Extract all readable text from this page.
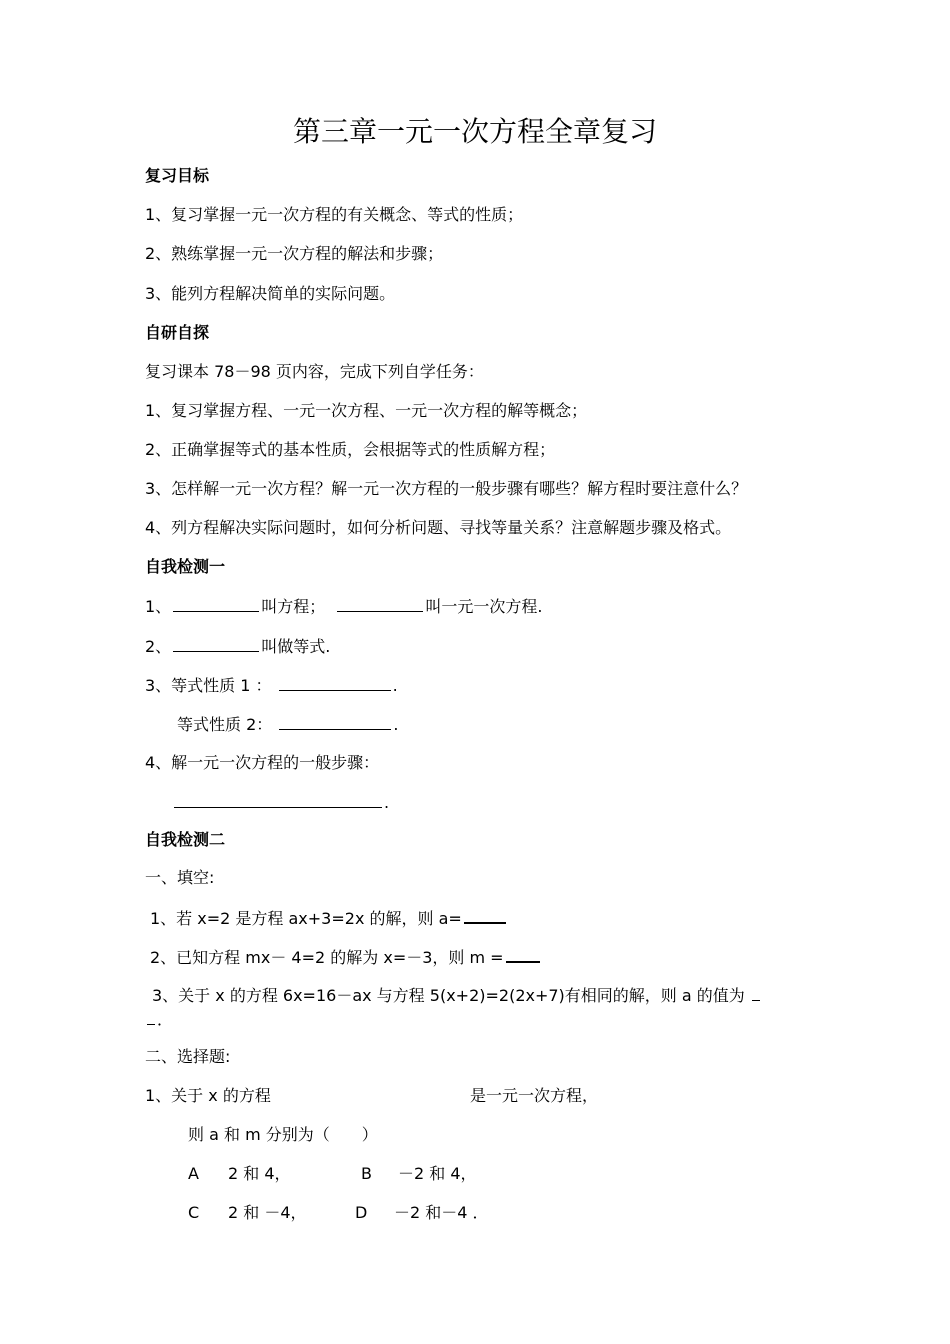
第三章一元一次方程全章复习
复习目标
1、复习掌握一元一次方程的有关概念、等式的性质；
2、熟练掌握一元一次方程的解法和步骤；
3、能列方程解决简单的实际问题。
自研自探
复习课本 78－98 页内容，完成下列自学任务：
1、复习掌握方程、一元一次方程、一元一次方程的解等概念；
2、正确掌握等式的基本性质，会根据等式的性质解方程；
3、怎样解一元一次方程？解一元一次方程的一般步骤有哪些？解方程时要注意什么？
4、列方程解决实际问题时，如何分析问题、寻找等量关系？注意解题步骤及格式。
自我检测一
1、	叫方程；	叫一元一次方程.
2、	叫做等式.
3、等式性质 1 ：	.
等式性质 2：	.
4、解一元一次方程的一般步骤：
.
自我检测二
一、填空:
1、若 x=2 是方程 ax+3=2x 的解，则 a=
2、已知方程 mx－ 4=2 的解为 x=－3，则 m =
3、关于 x 的方程 6x=16－ax 与方程 5(x+2)=2(2x+7)有相同的解，则 a 的值为
．
二、选择题:
1、关于 x 的方程	是一元一次方程，
则 a 和 m 分别为（　　）
A 2 和 4，	B －2 和 4，
C 2 和 －4，	D －2 和－4 ．
